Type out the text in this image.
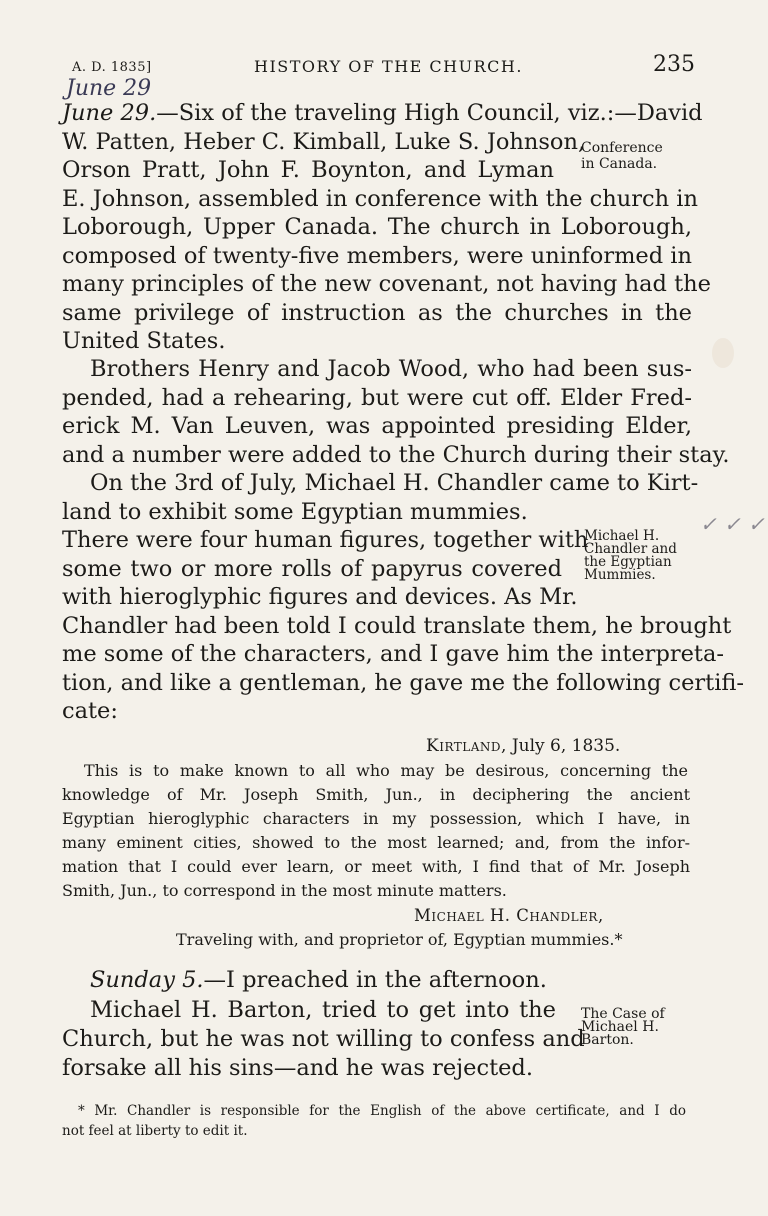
A. D. 1835]	HISTORY OF THE CHURCH.	235
June 29
June 29.—Six of the traveling High Council, viz.:—David
W. Patten, Heber C. Kimball, Luke S. Johnson,
Orson Pratt, John F. Boynton, and Lyman
E. Johnson, assembled in conference with the church in
Loborough, Upper Canada. The church in Loborough,
composed of twenty-five members, were uninformed in
many principles of the new covenant, not having had the
same privilege of instruction as the churches in the
United States.
Conference
in Canada.
Brothers Henry and Jacob Wood, who had been sus-
pended, had a rehearing, but were cut off. Elder Fred-
erick M. Van Leuven, was appointed presiding Elder,
and a number were added to the Church during their stay.
On the 3rd of July, Michael H. Chandler came to Kirt-
land to exhibit some Egyptian mummies.
There were four human figures, together with
some two or more rolls of papyrus covered
with hieroglyphic figures and devices. As Mr.
Chandler had been told I could translate them, he brought
me some of the characters, and I gave him the interpreta-
tion, and like a gentleman, he gave me the following certifi-
cate:
Michael H.
Chandler and
the Egyptian
Mummies.
Kirtland, July 6, 1835.
This is to make known to all who may be desirous, concerning the
knowledge of Mr. Joseph Smith, Jun., in deciphering the ancient
Egyptian hieroglyphic characters in my possession, which I have, in
many eminent cities, showed to the most learned; and, from the infor-
mation that I could ever learn, or meet with, I find that of Mr. Joseph
Smith, Jun., to correspond in the most minute matters.
Michael H. Chandler,
Traveling with, and proprietor of, Egyptian mummies.*
Sunday 5.—I preached in the afternoon.
Michael H. Barton, tried to get into the
Church, but he was not willing to confess and
forsake all his sins—and he was rejected.
The Case of
Michael H.
Barton.
* Mr. Chandler is responsible for the English of the above certificate, and I do
not feel at liberty to edit it.
✓ ✓ ✓
